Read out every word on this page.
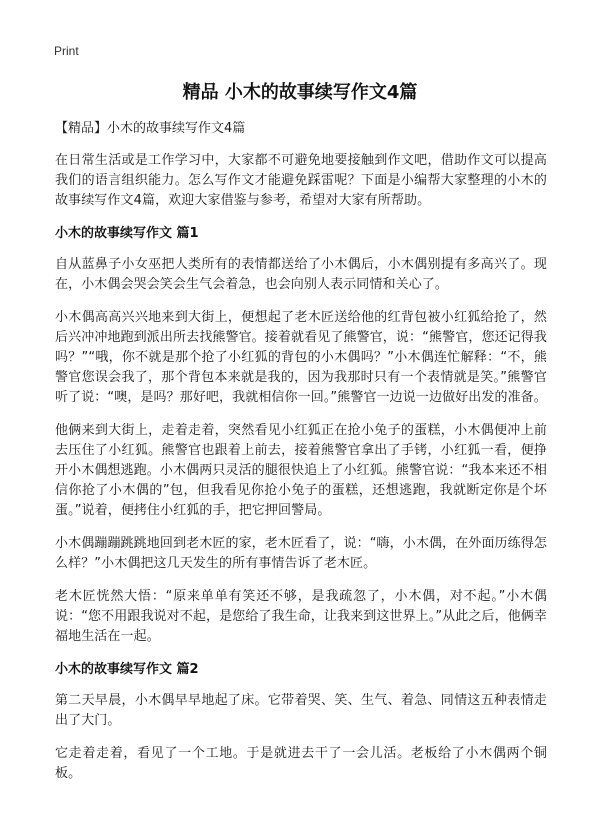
Print
精品 小木的故事续写作文4篇

【精品】小木的故事续写作文4篇

在日常生活或是工作学习中，大家都不可避免地要接触到作文吧，借助作文可以提高我们的语言组织能力。怎么写作文才能避免踩雷呢？下面是小编帮大家整理的小木的故事续写作文4篇，欢迎大家借鉴与参考，希望对大家有所帮助。

小木的故事续写作文 篇1

自从蓝鼻子小女巫把人类所有的表情都送给了小木偶后，小木偶别提有多高兴了。现在，小木偶会哭会笑会生气会着急，也会向别人表示同情和关心了。

小木偶高高兴兴地来到大街上，便想起了老木匠送给他的红背包被小红狐给抢了，然后兴冲冲地跑到派出所去找熊警官。接着就看见了熊警官，说：“熊警官，您还记得我吗？”“哦，你不就是那个抢了小红狐的背包的小木偶吗？”小木偶连忙解释：“不，熊警官您误会我了，那个背包本来就是我的，因为我那时只有一个表情就是笑。”熊警官听了说：“噢，是吗？那好吧，我就相信你一回。”熊警官一边说一边做好出发的准备。

他俩来到大街上，走着走着，突然看见小红狐正在抢小兔子的蛋糕，小木偶便冲上前去压住了小红狐。熊警官也跟着上前去，接着熊警官拿出了手铐，小红狐一看，便挣开小木偶想逃跑。小木偶两只灵活的腿很快追上了小红狐。熊警官说：“我本来还不相信你抢了小木偶的”包，但我看见你抢小兔子的蛋糕，还想逃跑，我就断定你是个坏蛋。”说着，便拷住小红狐的手，把它押回警局。

小木偶蹦蹦跳跳地回到老木匠的家，老木匠看了，说：“嗨，小木偶，在外面历练得怎么样？”小木偶把这几天发生的所有事情告诉了老木匠。

老木匠恍然大悟：“原来单单有笑还不够，是我疏忽了，小木偶，对不起。”小木偶说：“您不用跟我说对不起，是您给了我生命，让我来到这世界上。”从此之后，他俩幸福地生活在一起。

小木的故事续写作文 篇2

第二天早晨，小木偶早早地起了床。它带着哭、笑、生气、着急、同情这五种表情走出了大门。

它走着走着，看见了一个工地。于是就进去干了一会儿活。老板给了小木偶两个铜板。
